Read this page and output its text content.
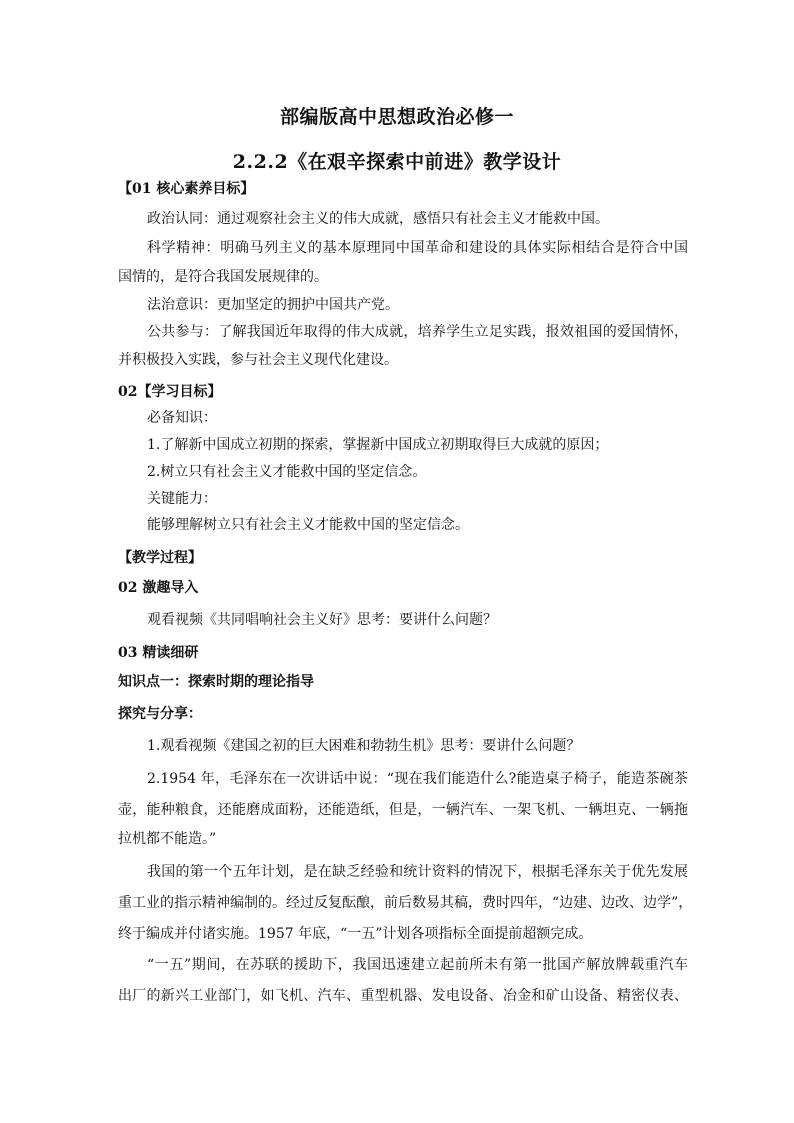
部编版高中思想政治必修一
2.2.2《在艰辛探索中前进》教学设计
【01 核心素养目标】
政治认同：通过观察社会主义的伟大成就，感悟只有社会主义才能救中国。
科学精神：明确马列主义的基本原理同中国革命和建设的具体实际相结合是符合中国
国情的，是符合我国发展规律的。
法治意识：更加坚定的拥护中国共产党。
公共参与：了解我国近年取得的伟大成就，培养学生立足实践，报效祖国的爱国情怀，
并积极投入实践，参与社会主义现代化建设。
02【学习目标】
必备知识：
1.了解新中国成立初期的探索，掌握新中国成立初期取得巨大成就的原因；
2.树立只有社会主义才能救中国的坚定信念。
关键能力：
能够理解树立只有社会主义才能救中国的坚定信念。
【教学过程】
02 激趣导入
观看视频《共同唱响社会主义好》思考：要讲什么问题？
03 精读细研
知识点一：探索时期的理论指导
探究与分享：
1.观看视频《建国之初的巨大困难和勃勃生机》思考：要讲什么问题？
2.1954 年，毛泽东在一次讲话中说：“现在我们能造什么?能造桌子椅子，能造茶碗茶
壶，能种粮食，还能磨成面粉，还能造纸，但是，一辆汽车、一架飞机、一辆坦克、一辆拖
拉机都不能造。”
我国的第一个五年计划，是在缺乏经验和统计资料的情况下，根据毛泽东关于优先发展
重工业的指示精神编制的。经过反复酝酿，前后数易其稿，费时四年，“边建、边改、边学”，
终于编成并付诸实施。1957 年底，“一五”计划各项指标全面提前超额完成。
“一五”期间，在苏联的援助下，我国迅速建立起前所未有第一批国产解放牌载重汽车
出厂的新兴工业部门，如飞机、汽车、重型机器、发电设备、冶金和矿山设备、精密仪表、
